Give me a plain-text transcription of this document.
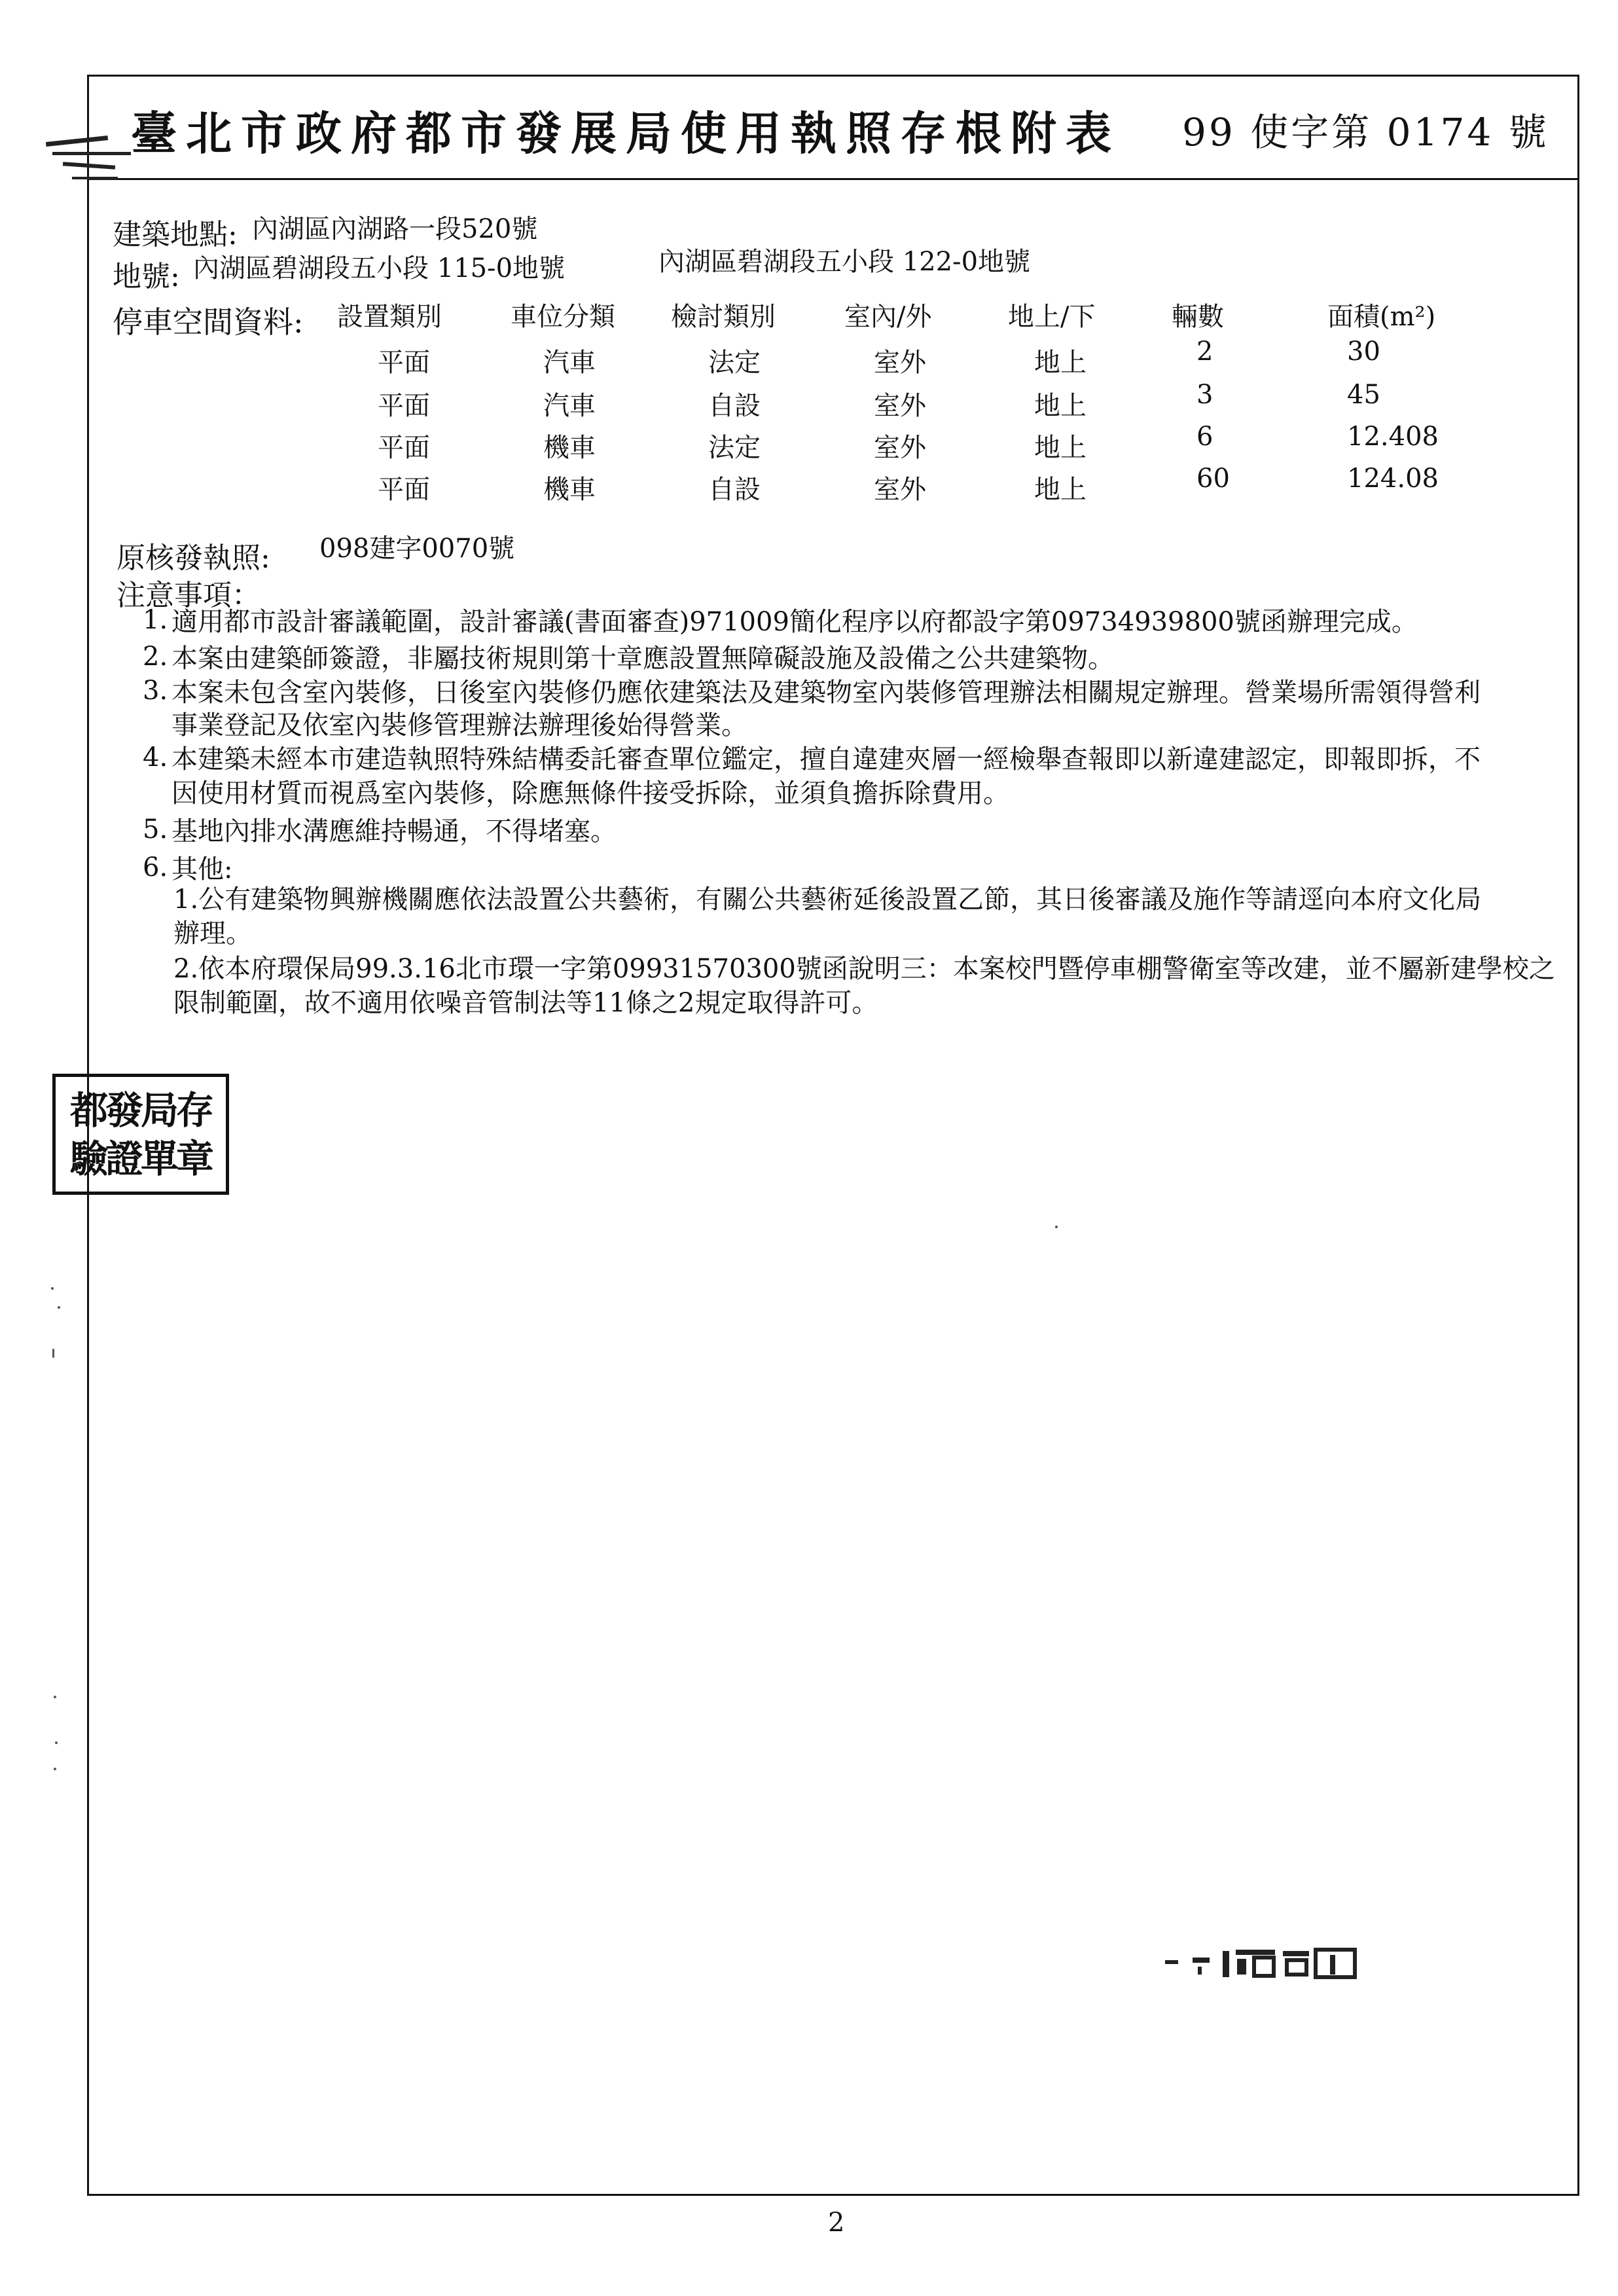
臺北市政府都市發展局使用執照存根附表 99 使字第 0174 號
建築地點: 內湖區內湖路一段520號
地號: 內湖區碧湖段五小段 115-0地號	內湖區碧湖段五小段 122-0地號
停車空間資料: 設置類別	車位分類 檢討類別	室內/外	地上/下	輛數	面積(m²)
平面	汽車	法定	室外	地上	2	30
平面	汽車	自設	室外	地上	3	45
平面	機車	法定	室外	地上	6	12.408
平面	機車	自設	室外	地上	60	124.08
原核發執照: 098建字0070號
注意事項：
1. 適用都市設計審議範圍，設計審議(書面審查)971009簡化程序以府都設字第09734939800號函辦理完成。
2. 本案由建築師簽證，非屬技術規則第十章應設置無障礙設施及設備之公共建築物。
3. 本案未包含室內裝修，日後室內裝修仍應依建築法及建築物室內裝修管理辦法相關規定辦理。營業場所需領得營利
事業登記及依室內裝修管理辦法辦理後始得營業。
4. 本建築未經本市建造執照特殊結構委託審查單位鑑定，擅自違建夾層一經檢舉查報即以新違建認定，即報即拆，不
因使用材質而視爲室內裝修，除應無條件接受拆除，並須負擔拆除費用。
5. 基地內排水溝應維持暢通，不得堵塞。
6. 其他:
1.公有建築物興辦機關應依法設置公共藝術，有關公共藝術延後設置乙節，其日後審議及施作等請逕向本府文化局
辦理。
2.依本府環保局99.3.16北市環一字第09931570300號函說明三：本案校門暨停車棚警衛室等改建，並不屬新建學校之
限制範圍，故不適用依噪音管制法等11條之2規定取得許可。
都發局存
驗證單章
2
